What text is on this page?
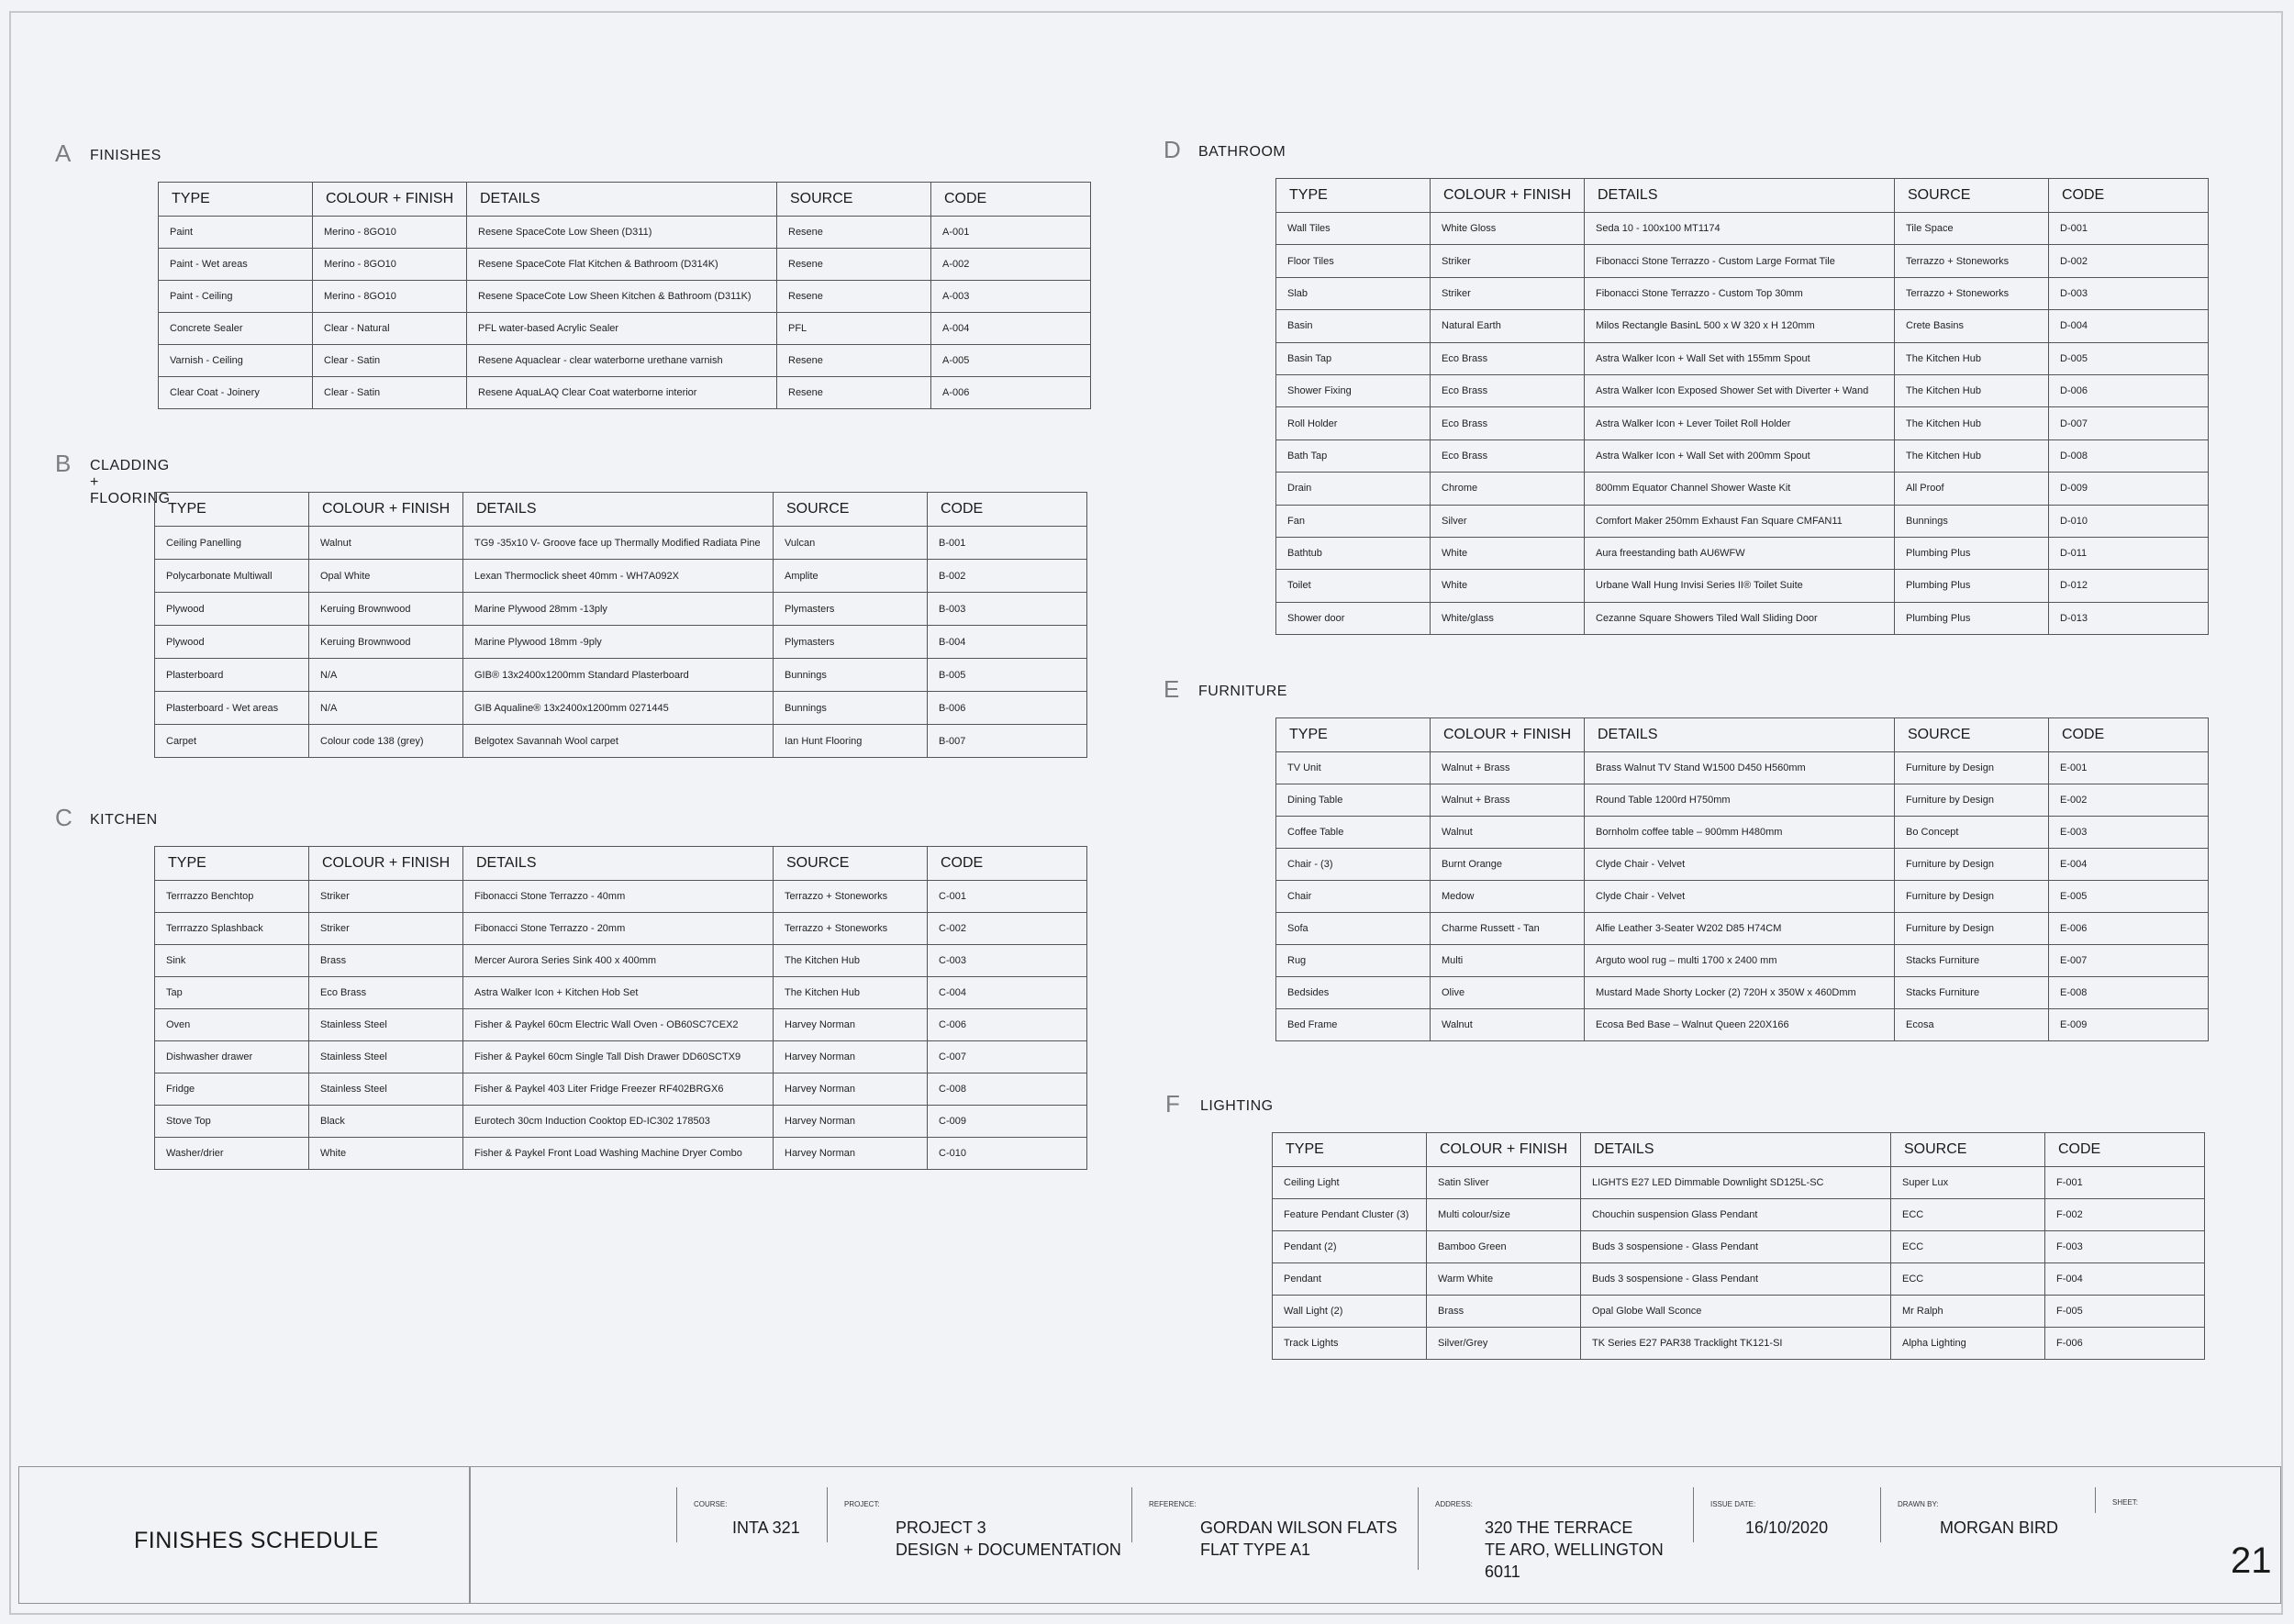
A FINISHES
TYPE	COLOUR + FINISH	DETAILS	SOURCE	CODE
Paint	Merino - 8GO10	Resene SpaceCote Low Sheen (D311)	Resene	A-001
Paint - Wet areas	Merino - 8GO10	Resene SpaceCote Flat Kitchen & Bathroom (D314K)	Resene	A-002
Paint - Ceiling	Merino - 8GO10	Resene SpaceCote Low Sheen Kitchen & Bathroom (D311K)	Resene	A-003
Concrete Sealer	Clear - Natural	PFL water-based Acrylic Sealer	PFL	A-004
Varnish - Ceiling	Clear - Satin	Resene Aquaclear - clear waterborne urethane varnish	Resene	A-005
Clear Coat - Joinery	Clear - Satin	Resene AquaLAQ Clear Coat waterborne interior	Resene	A-006
B CLADDING + FLOORING
TYPE	COLOUR + FINISH	DETAILS	SOURCE	CODE
Ceiling Panelling	Walnut	TG9 -35x10 V- Groove face up Thermally Modified Radiata Pine	Vulcan	B-001
Polycarbonate Multiwall	Opal White	Lexan Thermoclick sheet 40mm - WH7A092X	Amplite	B-002
Plywood	Keruing Brownwood	Marine Plywood 28mm -13ply	Plymasters	B-003
Plywood	Keruing Brownwood	Marine Plywood 18mm -9ply	Plymasters	B-004
Plasterboard	N/A	GIB® 13x2400x1200mm Standard Plasterboard	Bunnings	B-005
Plasterboard - Wet areas	N/A	GIB Aqualine® 13x2400x1200mm 0271445	Bunnings	B-006
Carpet	Colour code 138 (grey)	Belgotex Savannah Wool carpet	Ian Hunt Flooring	B-007
C KITCHEN
TYPE	COLOUR + FINISH	DETAILS	SOURCE	CODE
Terrrazzo Benchtop	Striker	Fibonacci Stone Terrazzo - 40mm	Terrazzo + Stoneworks	C-001
Terrrazzo Splashback	Striker	Fibonacci Stone Terrazzo - 20mm	Terrazzo + Stoneworks	C-002
Sink	Brass	Mercer Aurora Series Sink 400 x 400mm	The Kitchen Hub	C-003
Tap	Eco Brass	Astra Walker Icon + Kitchen Hob Set	The Kitchen Hub	C-004
Oven	Stainless Steel	Fisher & Paykel 60cm Electric Wall Oven - OB60SC7CEX2	Harvey Norman	C-006
Dishwasher drawer	Stainless Steel	Fisher & Paykel 60cm Single Tall Dish Drawer DD60SCTX9	Harvey Norman	C-007
Fridge	Stainless Steel	Fisher & Paykel 403 Liter Fridge Freezer RF402BRGX6	Harvey Norman	C-008
Stove Top	Black	Eurotech 30cm Induction Cooktop ED-IC302 178503	Harvey Norman	C-009
Washer/drier	White	Fisher & Paykel Front Load Washing Machine Dryer Combo	Harvey Norman	C-010
D BATHROOM
TYPE	COLOUR + FINISH	DETAILS	SOURCE	CODE
Wall Tiles	White Gloss	Seda 10 - 100x100 MT1174	Tile Space	D-001
Floor Tiles	Striker	Fibonacci Stone Terrazzo - Custom Large Format Tile	Terrazzo + Stoneworks	D-002
Slab	Striker	Fibonacci Stone Terrazzo - Custom Top 30mm	Terrazzo + Stoneworks	D-003
Basin	Natural Earth	Milos Rectangle BasinL 500 x W 320 x H 120mm	Crete Basins	D-004
Basin Tap	Eco Brass	Astra Walker Icon + Wall Set with 155mm Spout	The Kitchen Hub	D-005
Shower Fixing	Eco Brass	Astra Walker Icon Exposed Shower Set with Diverter + Wand	The Kitchen Hub	D-006
Roll Holder	Eco Brass	Astra Walker Icon + Lever Toilet Roll Holder	The Kitchen Hub	D-007
Bath Tap	Eco Brass	Astra Walker Icon + Wall Set with 200mm Spout	The Kitchen Hub	D-008
Drain	Chrome	800mm Equator Channel Shower Waste Kit	All Proof	D-009
Fan	Silver	Comfort Maker 250mm Exhaust Fan Square CMFAN11	Bunnings	D-010
Bathtub	White	Aura freestanding bath AU6WFW	Plumbing Plus	D-011
Toilet	White	Urbane Wall Hung Invisi Series II® Toilet Suite	Plumbing Plus	D-012
Shower door	White/glass	Cezanne Square Showers Tiled Wall Sliding Door	Plumbing Plus	D-013
E FURNITURE
TYPE	COLOUR + FINISH	DETAILS	SOURCE	CODE
TV Unit	Walnut + Brass	Brass Walnut TV Stand W1500 D450 H560mm	Furniture by Design	E-001
Dining Table	Walnut + Brass	Round Table 1200rd H750mm	Furniture by Design	E-002
Coffee Table	Walnut	Bornholm coffee table – 900mm H480mm	Bo Concept	E-003
Chair - (3)	Burnt Orange	Clyde Chair - Velvet	Furniture by Design	E-004
Chair	Medow	Clyde Chair - Velvet	Furniture by Design	E-005
Sofa	Charme Russett - Tan	Alfie Leather 3-Seater W202 D85 H74CM	Furniture by Design	E-006
Rug	Multi	Arguto wool rug – multi 1700 x 2400 mm	Stacks Furniture	E-007
Bedsides	Olive	Mustard Made Shorty Locker (2) 720H x 350W x 460Dmm	Stacks Furniture	E-008
Bed Frame	Walnut	Ecosa Bed Base – Walnut Queen 220X166	Ecosa	E-009
F LIGHTING
TYPE	COLOUR + FINISH	DETAILS	SOURCE	CODE
Ceiling Light	Satin Sliver	LIGHTS E27 LED Dimmable Downlight SD125L-SC	Super Lux	F-001
Feature Pendant Cluster (3)	Multi colour/size	Chouchin suspension Glass Pendant	ECC	F-002
Pendant (2)	Bamboo Green	Buds 3 sospensione - Glass Pendant	ECC	F-003
Pendant	Warm White	Buds 3 sospensione - Glass Pendant	ECC	F-004
Wall Light (2)	Brass	Opal Globe Wall Sconce	Mr Ralph	F-005
Track Lights	Silver/Grey	TK Series E27 PAR38 Tracklight TK121-SI	Alpha Lighting	F-006
FINISHES SCHEDULE
COURSE:
INTA 321
PROJECT:
PROJECT 3
DESIGN + DOCUMENTATION
REFERENCE:
GORDAN WILSON FLATS
FLAT TYPE A1
ADDRESS:
320 THE TERRACE
TE ARO, WELLINGTON
6011
ISSUE DATE:
16/10/2020
DRAWN BY:
MORGAN BIRD
SHEET:
21
